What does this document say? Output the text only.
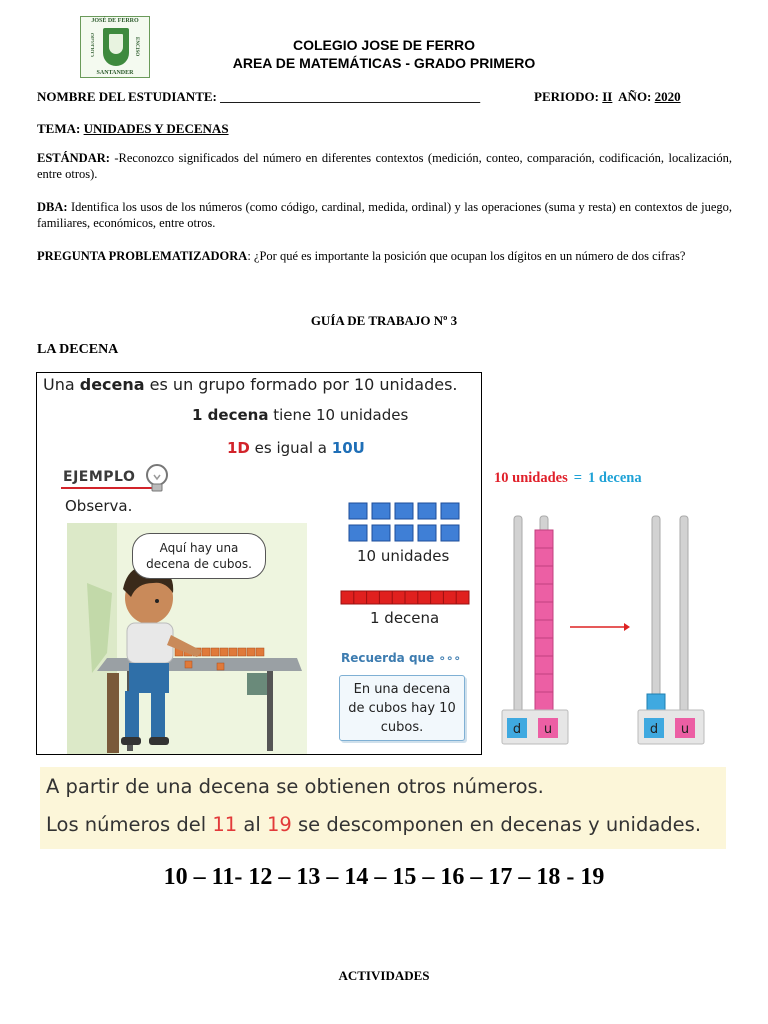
JOSÉ DE FERRO
COLEGIO	ENCISO
SANTANDER
COLEGIO JOSE DE FERRO
AREA DE MATEMÁTICAS - GRADO PRIMERO
NOMBRE DEL ESTUDIANTE: ________________________________________	PERIODO: II AÑO: 2020
TEMA: UNIDADES Y DECENAS
ESTÁNDAR: -Reconozco significados del número en diferentes contextos (medición, conteo, comparación, codificación, localización, entre otros).
DBA: Identifica los usos de los números (como código, cardinal, medida, ordinal) y las operaciones (suma y resta) en contextos de juego, familiares, económicos, entre otros.
PREGUNTA PROBLEMATIZADORA: ¿Por qué es importante la posición que ocupan los dígitos en un número de dos cifras?
GUÍA DE TRABAJO Nº 3
LA DECENA
Una decena es un grupo formado por 10 unidades.
1 decena tiene 10 unidades
1D es igual a 10U
EJEMPLO
Observa.
Aquí hay una
decena de cubos.	10 unidades
1 decena
Recuerda que ∘∘∘
En una decena
de cubos hay 10
cubos.
10 unidades = 1 decena
d u	d u
A partir de una decena se obtienen otros números.
Los números del 11 al 19 se descomponen en decenas y unidades.
10 – 11- 12 – 13 – 14 – 15 – 16 – 17 – 18 - 19
ACTIVIDADES
